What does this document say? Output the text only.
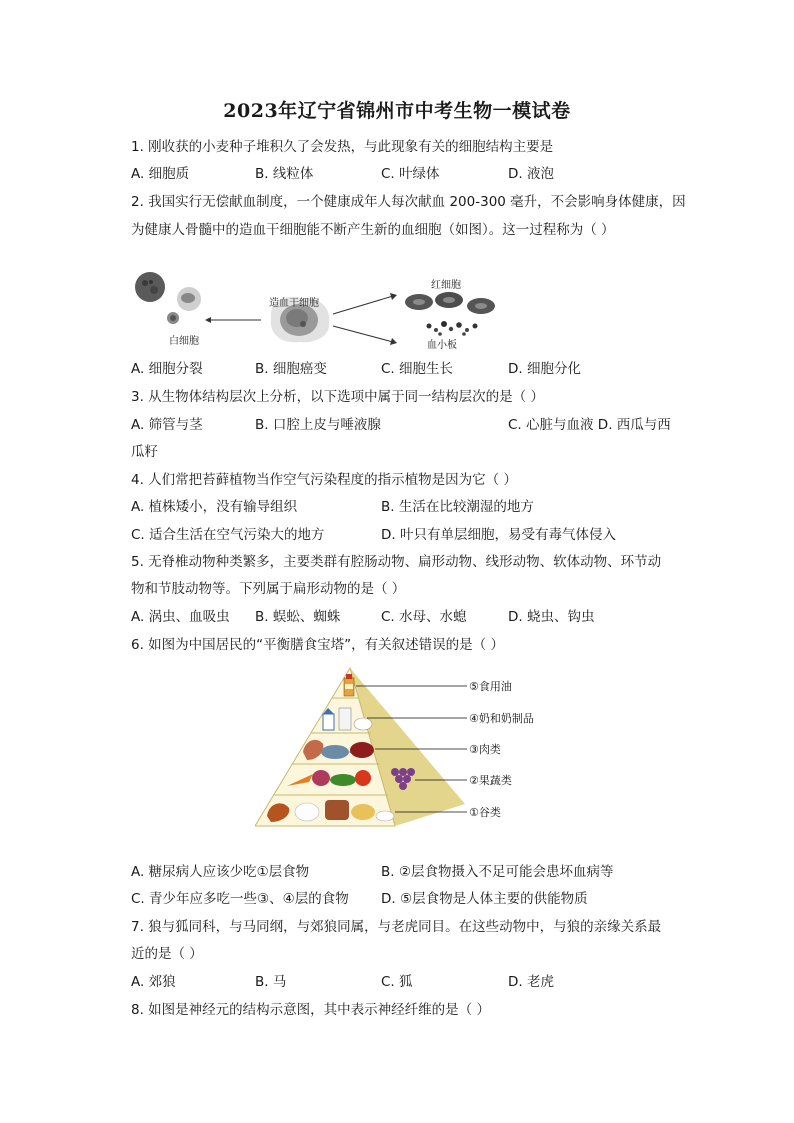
2023年辽宁省锦州市中考生物一模试卷
1. 刚收获的小麦种子堆积久了会发热，与此现象有关的细胞结构主要是
A. 细胞质	B. 线粒体	C. 叶绿体	D. 液泡
2. 我国实行无偿献血制度，一个健康成年人每次献血 200-300 毫升，不会影响身体健康，因
为健康人骨髓中的造血干细胞能不断产生新的血细胞（如图）。这一过程称为（ ）
白细胞
造血干细胞
红细胞
血小板
A. 细胞分裂	B. 细胞癌变	C. 细胞生长	D. 细胞分化
3. 从生物体结构层次上分析，以下选项中属于同一结构层次的是（ ）
A. 筛管与茎	B. 口腔上皮与唾液腺	C. 心脏与血液 D. 西瓜与西
瓜籽
4. 人们常把苔藓植物当作空气污染程度的指示植物是因为它（ ）
A. 植株矮小，没有输导组织	B. 生活在比较潮湿的地方
C. 适合生活在空气污染大的地方	D. 叶只有单层细胞，易受有毒气体侵入
5. 无脊椎动物种类繁多，主要类群有腔肠动物、扁形动物、线形动物、软体动物、环节动
物和节肢动物等。下列属于扁形动物的是（ ）
A. 涡虫、血吸虫 B. 蜈蚣、蜘蛛	C. 水母、水螅	D. 蛲虫、钩虫
6. 如图为中国居民的“平衡膳食宝塔”，有关叙述错误的是（ ）
⑤食用油
④奶和奶制品
③肉类
②果蔬类
①谷类
A. 糖尿病人应该少吃①层食物	B. ②层食物摄入不足可能会患坏血病等
C. 青少年应多吃一些③、④层的食物 D. ⑤层食物是人体主要的供能物质
7. 狼与狐同科，与马同纲，与郊狼同属，与老虎同目。在这些动物中，与狼的亲缘关系最
近的是（ ）
A. 郊狼	B. 马	C. 狐	D. 老虎
8. 如图是神经元的结构示意图，其中表示神经纤维的是（ ）
